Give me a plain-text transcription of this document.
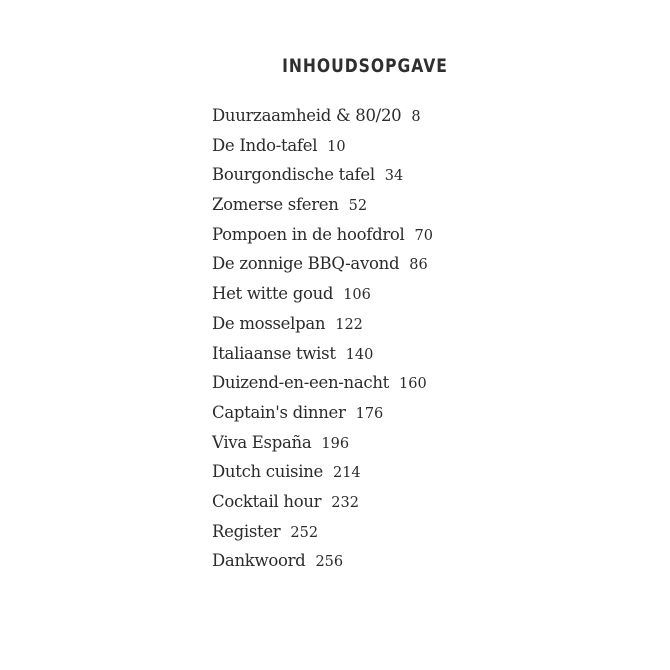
INHOUDSOPGAVE
Duurzaamheid & 80/20 8
De Indo-tafel 10
Bourgondische tafel 34
Zomerse sferen 52
Pompoen in de hoofdrol 70
De zonnige BBQ-avond 86
Het witte goud 106
De mosselpan 122
Italiaanse twist 140
Duizend-en-een-nacht 160
Captain's dinner 176
Viva España 196
Dutch cuisine 214
Cocktail hour 232
Register 252
Dankwoord 256
